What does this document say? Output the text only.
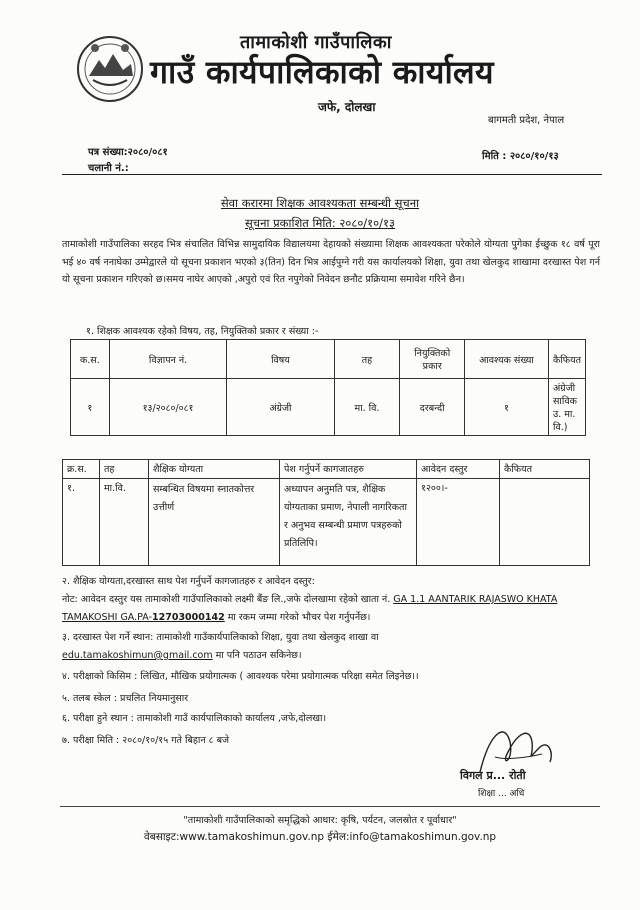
तामाकोशी गाउँपालिका
गाउँ कार्यपालिकाको कार्यालय
जफे, दोलखा
बागमती प्रदेश, नेपाल
पत्र संख्या:२०८०/०८१
चलानी नं.:
मिति : २०८०/१०/१३
सेवा करारमा शिक्षक आवश्यकता सम्बन्धी सूचना
सूचना प्रकाशित मिति: २०८०/१०/१३
तामाकोशी गाउँपालिका सरहद भित्र संचालित विभिन्न सामुदायिक विद्यालयमा देहायको संख्यामा शिक्षक आवश्यकता परेकोले योग्यता पुगेका ईच्छुक १८ वर्ष पूरा भई ४० वर्ष ननाघेका उम्मेद्वारले यो सूचना प्रकाशन भएको ३(तिन) दिन भित्र आईपुग्ने गरी यस कार्यालयको शिक्षा, युवा तथा खेलकुद शाखामा दरखास्त पेश गर्न यो सूचना प्रकाशन गरिएको छ।समय नाघेर आएको ,अपुरो एवं रित नपुगेको निवेदन छनौट प्रक्रियामा समावेश गरिने छैन।
१. शिक्षक आवश्यक रहेको विषय, तह, नियुक्तिको प्रकार र संख्या :-
क.स.	विज्ञापन नं.	विषय	तह	नियुक्तिको प्रकार	आवश्यक संख्या	कैफियत
१	१३/२०८०/०८१	अंग्रेजी	मा. वि.	दरबन्दी	१	अंग्रेजी साविक उ. मा. वि.)
क्र.स.	तह	शैक्षिक योग्यता	पेश गर्नुपर्ने कागजातहरु	आवेदन दस्तुर	कैफियत
१.	मा.वि.	सम्बन्धित विषयमा स्नातकोत्तर उत्तीर्ण	अध्यापन अनुमति पत्र, शैक्षिक योग्यताका प्रमाण, नेपाली नागरिकता र अनुभव सम्बन्धी प्रमाण पत्रहरुको प्रतिलिपि।	१२००।-	
२. शैक्षिक योग्यता,दरखास्त साथ पेश गर्नुपर्ने कागजातहरु र आवेदन दस्तुर:
नोट: आवेदन दस्तुर यस तामाकोशी गाउँपालिकाको लक्ष्मी बैंङ लि.,जफे दोलखामा रहेको खाता नं. GA 1.1 AANTARIK RAJASWO KHATA TAMAKOSHI GA.PA-12703000142 मा रकम जम्मा गरेको भौचर पेश गर्नुपर्नेछ।
३. दरखास्त पेश गर्ने स्थान: तामाकोशी गाउँकार्यपालिकाको शिक्षा, युवा तथा खेलकुद शाखा वा
edu.tamakoshimun@gmail.com मा पनि पठाउन सकिनेछ।
४. परीक्षाको किसिम : लिखित, मौखिक प्रयोगात्मक ( आवश्यक परेमा प्रयोगात्मक परिक्षा समेत लिइनेछ।।
५. तलब स्केल : प्रचलित नियमानुसार
६. परीक्षा हुने स्थान : तामाकोशी गाउँ कार्यपालिकाको कार्यालय ,जफे,दोलखा।
७. परीक्षा मिति : २०८०/१०/१५ गते बिहान ८ बजे
विगल प्र... रोती
शिक्षा ... अधि
"तामाकोशी गाउँपालिकाको समृद्धिको आधार: कृषि, पर्यटन, जलस्रोत र पूर्वाधार"
वेबसाइट:www.tamakoshimun.gov.np ईमेल:info@tamakoshimun.gov.np
